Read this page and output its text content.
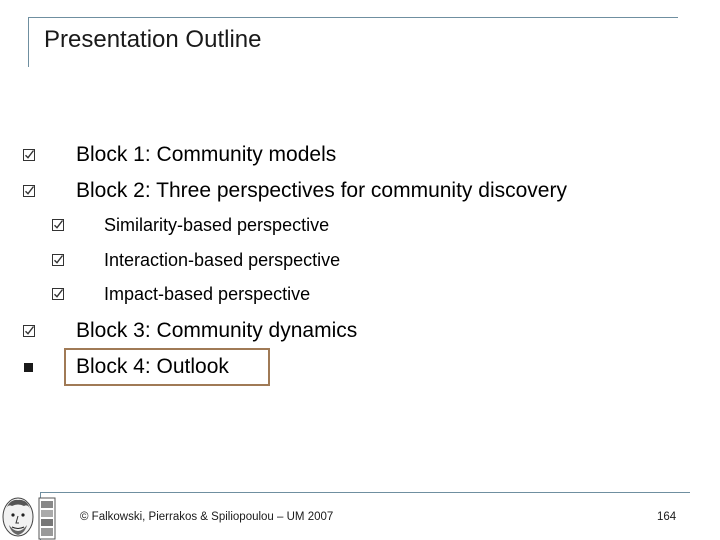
Presentation Outline
Block 1: Community models
Block 2: Three perspectives for community discovery
Similarity-based perspective
Interaction-based perspective
Impact-based perspective
Block 3: Community dynamics
Block 4: Outlook
© Falkowski, Pierrakos & Spiliopoulou – UM 2007	164
